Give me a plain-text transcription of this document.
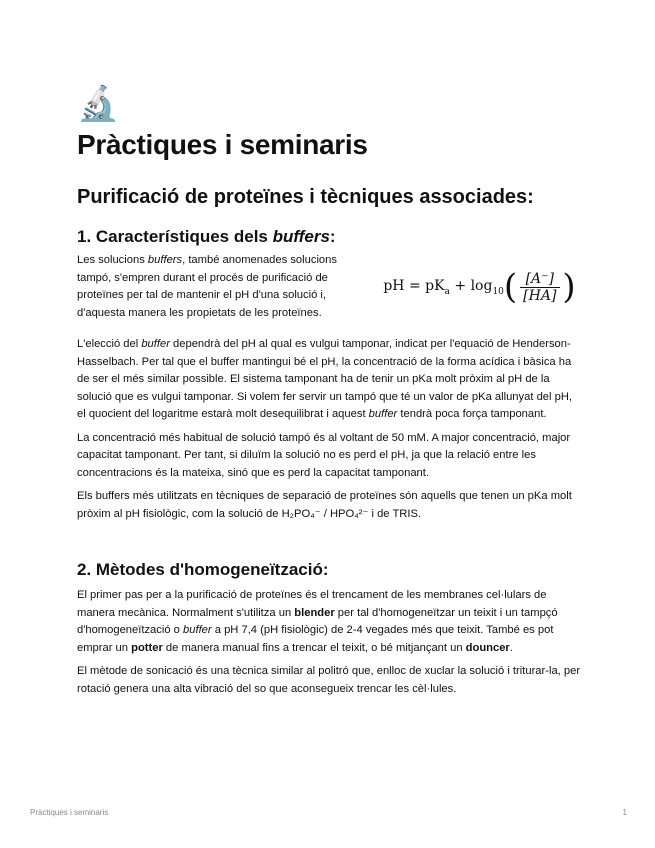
🔬
Pràctiques i seminaris
Purificació de proteïnes i tècniques associades:
1. Característiques dels buffers:

Les solucions buffers, també anomenades solucions tampó, s'empren durant el procés de purificació de proteïnes per tal de mantenir el pH d'una solució i, d'aquesta manera les propietats de les proteïnes.

pH = $pK_a + \log_{10}$ ( $\frac{[A^-]}{[HA]}$ )

L'elecció del buffer dependrà del pH al qual es vulgui tamponar, indicat per l'equació de Henderson-Hasselbach. Per tal que el buffer mantingui bé el pH, la concentració de la forma acídica i bàsica ha de ser el més similar possible. El sistema tamponant ha de tenir un pKa molt pròxim al pH de la solució que es vulgui tamponar. Si volem fer servir un tampó que té un valor de pKa allunyat del pH, el quocient del logaritme estarà molt desequilibrat i aquest buffer tendrà poca força tamponant.

La concentració més habitual de solució tampó és al voltant de 50 mM. A major concentració, major capacitat tamponant. Per tant, si diluïm la solució no es perd el pH, ja que la relació entre les concentracions és la mateixa, sinó que es perd la capacitat tamponant.

Els buffers més utilitzats en tècniques de separació de proteïnes són aquells que tenen un pKa molt pròxim al pH fisiològic, com la solució de H₂PO₄⁻ / HPO₄²⁻ i de TRIS.

2. Mètodes d'homogeneïtzació:

El primer pas per a la purificació de proteïnes és el trencament de les membranes cel·lulars de manera mecànica. Normalment s'utilitza un blender per tal d'homogeneïtzar un teixit i un tampçó d'homogeneïtzació o buffer a pH 7,4 (pH fisiològic) de 2-4 vegades més que teixit. També es pot emprar un potter de manera manual fins a trencar el teixit, o bé mitjançant un douncer.

El mètode de sonicació és una tècnica similar al politró que, enlloc de xuclar la solució i triturar-la, per rotació genera una alta vibració del so que aconsegueix trencar les cèl·lules.

Pràctiques i seminaris	1
